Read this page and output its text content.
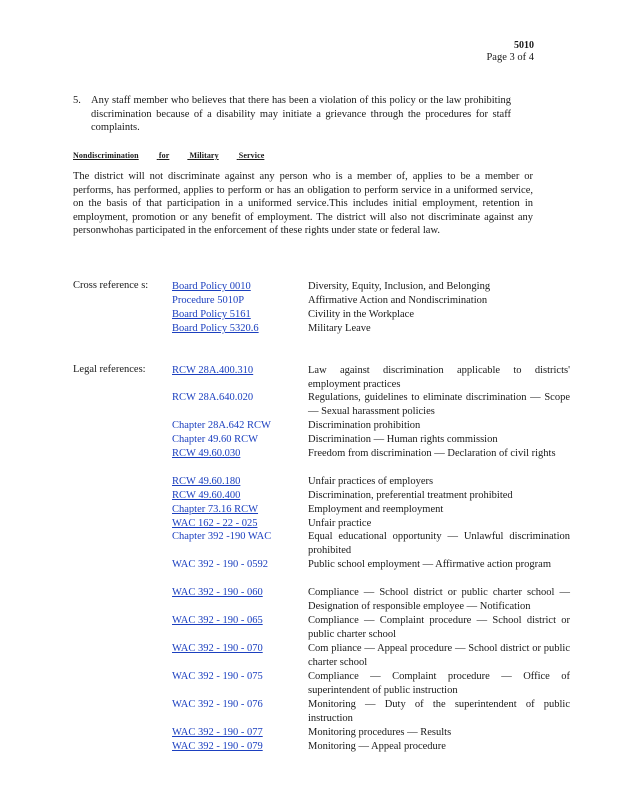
5010
Page 3 of 4
5. Any staff member who believes that there has been a violation of this policy or the law prohibiting discrimination because of a disability may initiate a grievance through the procedures for staff complaints.
Nondiscrimination	for	Military	Service
The district will not discriminate against any person who is a member of, applies to be a member or performs, has performed, applies to perform or has an obligation to perform service in a uniformed service, on the basis of that participation in a uniformed service.This includes initial employment, retention in employment, promotion or any benefit of employment. The district will also not discriminate against any personwhohas participated in the enforcement of these rights under state or federal law.
Cross reference s: Board Policy 0010	Diversity, Equity, Inclusion, and Belonging
Procedure 5010P	Affirmative Action and Nondiscrimination
Board Policy 5161	Civility in the Workplace
Board Policy 5320.6	Military Leave
Legal references:	RCW 28A.400.310	Law against discrimination applicable to districts' employment practices
RCW 28A.640.020	Regulations, guidelines to eliminate discrimination — Scope — Sexual harassment policies
Chapter 28A.642 RCW	Discrimination prohibition
Chapter 49.60 RCW	Discrimination — Human rights commission
RCW 49.60.030	Freedom from discrimination — Declaration of civil rights
RCW 49.60.180	Unfair practices of employers
RCW 49.60.400	Discrimination, preferential treatment prohibited
Chapter 73.16 RCW	Employment and reemployment
WAC 162 - 22 - 025	Unfair practice
Chapter 392 -190 WAC	Equal educational opportunity — Unlawful discrimination prohibited
WAC 392 - 190 - 0592	Public school employment — Affirmative action program
WAC 392 - 190 - 060	Compliance — School district or public charter school — Designation of responsible employee — Notification
WAC 392 - 190 - 065	Compliance — Complaint procedure — School district or public charter school
WAC 392 - 190 - 070	Com pliance — Appeal procedure — School district or public charter school
WAC 392 - 190 - 075	Compliance — Complaint procedure — Office of superintendent of public instruction
WAC 392 - 190 - 076	Monitoring — Duty of the superintendent of public instruction
WAC 392 - 190 - 077	Monitoring procedures — Results
WAC 392 - 190 - 079	Monitoring — Appeal procedure
